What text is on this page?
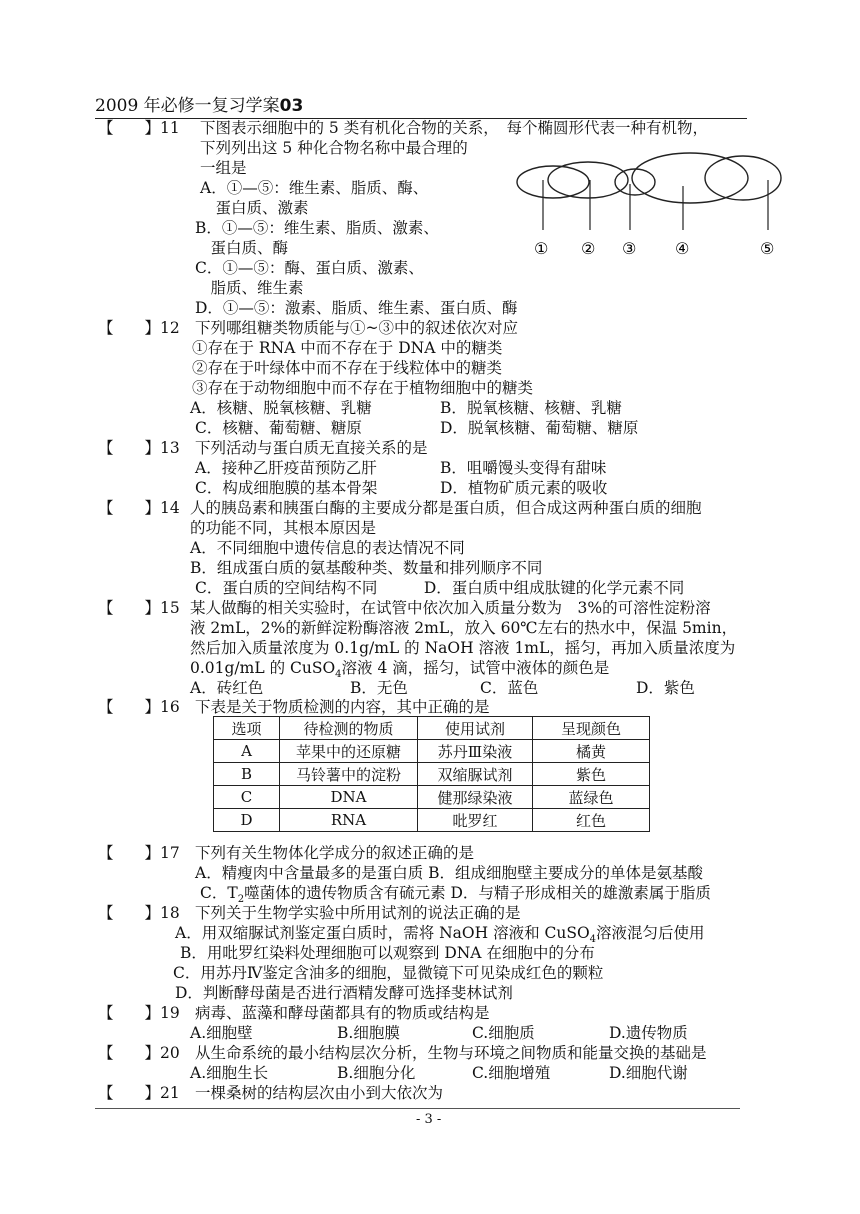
2009 年必修一复习学案03
【　　】11 下图表示细胞中的 5 类有机化合物的关系，　每个椭圆形代表一种有机物，
下列列出这 5 种化合物名称中最合理的
一组是
A．①—⑤：维生素、脂质、酶、
　蛋白质、激素
B．①—⑤：维生素、脂质、激素、
　蛋白质、酶
C．①—⑤：酶、蛋白质、激素、
　脂质、维生素
D．①—⑤：激素、脂质、维生素、蛋白质、酶
① ② ③ ④	⑤
【　　】12 下列哪组糖类物质能与①~③中的叙述依次对应
①存在于 RNA 中而不存在于 DNA 中的糖类
②存在于叶绿体中而不存在于线粒体中的糖类
③存在于动物细胞中而不存在于植物细胞中的糖类
A．核糖、脱氧核糖、乳糖	B．脱氧核糖、核糖、乳糖
C．核糖、葡萄糖、糖原	D．脱氧核糖、葡萄糖、糖原
【　　】13 下列活动与蛋白质无直接关系的是
A．接种乙肝疫苗预防乙肝	B．咀嚼馒头变得有甜味
C．构成细胞膜的基本骨架	D．植物矿质元素的吸收
【　　】14 人的胰岛素和胰蛋白酶的主要成分都是蛋白质，但合成这两种蛋白质的细胞
的功能不同，其根本原因是
A．不同细胞中遗传信息的表达情况不同
B．组成蛋白质的氨基酸种类、数量和排列顺序不同
C．蛋白质的空间结构不同　　　D．蛋白质中组成肽键的化学元素不同
【　　】15 某人做酶的相关实验时，在试管中依次加入质量分数为　3%的可溶性淀粉溶
液 2mL，2%的新鲜淀粉酶溶液 2mL，放入 60℃左右的热水中，保温 5min，
然后加入质量浓度为 0.1g/mL 的 NaOH 溶液 1mL，摇匀，再加入质量浓度为
0.01g/mL 的 CuSO$_4$溶液 4 滴，摇匀，试管中液体的颜色是
A．砖红色	B．无色	C．蓝色	D．紫色
【　　】16 下表是关于物质检测的内容，其中正确的是
选项	待检测的物质	使用试剂	呈现颜色
A	苹果中的还原糖	苏丹Ⅲ染液	橘黄
B	马铃薯中的淀粉	双缩脲试剂	紫色
C	DNA	健那绿染液	蓝绿色
D	RNA	吡罗红	红色
【　　】17 下列有关生物体化学成分的叙述正确的是
A．精瘦肉中含量最多的是蛋白质 B．组成细胞壁主要成分的单体是氨基酸
C．$T_2$噬菌体的遗传物质含有硫元素 D．与精子形成相关的雄激素属于脂质
【　　】18 下列关于生物学实验中所用试剂的说法正确的是
A．用双缩脲试剂鉴定蛋白质时，需将 NaOH 溶液和 CuSO$_4$溶液混匀后使用
B．用吡罗红染料处理细胞可以观察到 DNA 在细胞中的分布
C．用苏丹Ⅳ鉴定含油多的细胞，显微镜下可见染成红色的颗粒
D．判断酵母菌是否进行酒精发酵可选择斐林试剂
【　　】19 病毒、蓝藻和酵母菌都具有的物质或结构是
A.细胞壁	B.细胞膜	C.细胞质	D.遗传物质
【　　】20 从生命系统的最小结构层次分析，生物与环境之间物质和能量交换的基础是
A.细胞生长	B.细胞分化	C.细胞增殖	D.细胞代谢
【　　】21 一棵桑树的结构层次由小到大依次为
- 3 -
